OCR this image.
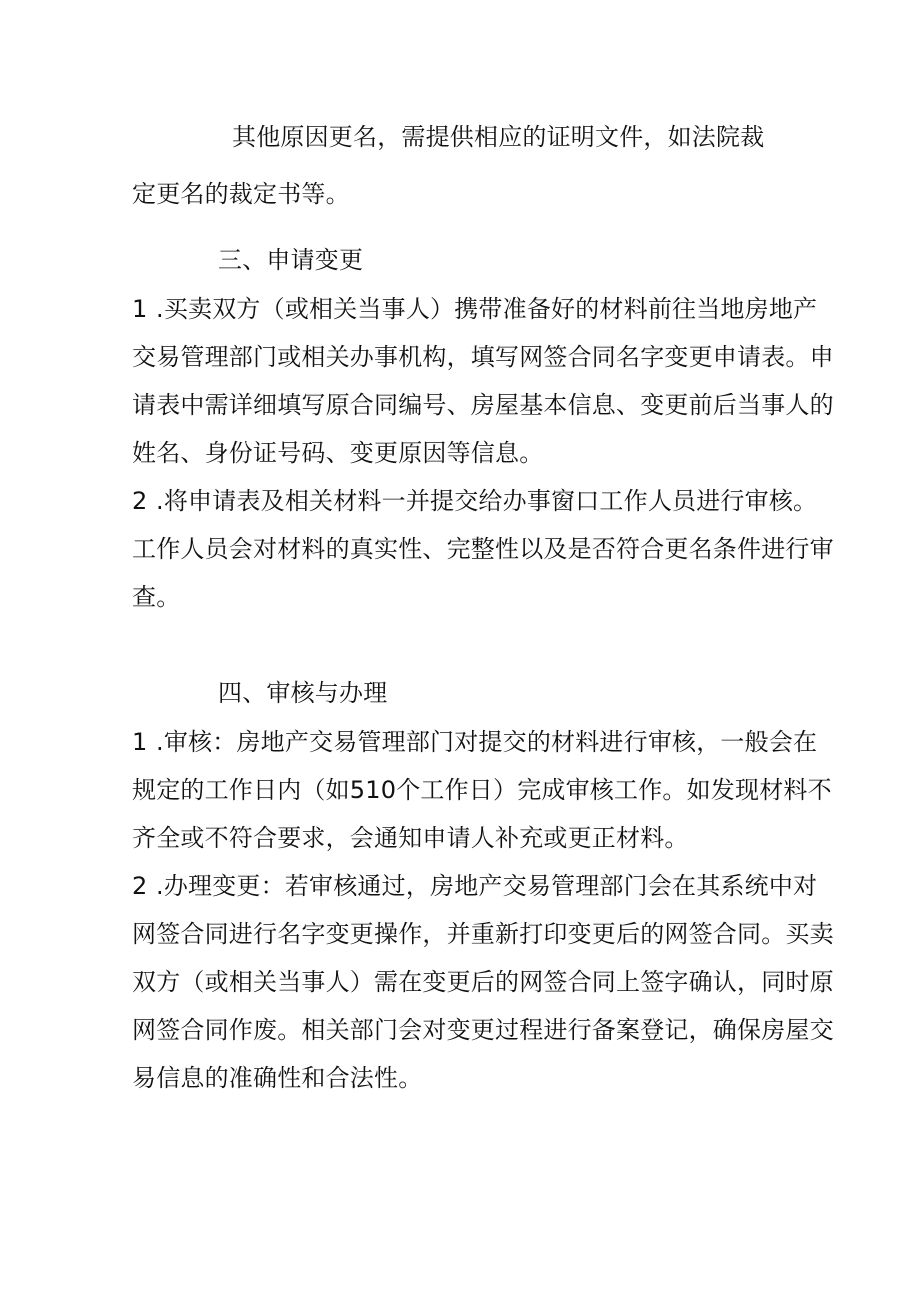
其他原因更名，需提供相应的证明文件，如法院裁
定更名的裁定书等。
三、申请变更
1 .买卖双方（或相关当事人）携带准备好的材料前往当地房地产
交易管理部门或相关办事机构，填写网签合同名字变更申请表。申
请表中需详细填写原合同编号、房屋基本信息、变更前后当事人的
姓名、身份证号码、变更原因等信息。
2 .将申请表及相关材料一并提交给办事窗口工作人员进行审核。
工作人员会对材料的真实性、完整性以及是否符合更名条件进行审
查。
四、审核与办理
1 .审核：房地产交易管理部门对提交的材料进行审核，一般会在
规定的工作日内（如510个工作日）完成审核工作。如发现材料不
齐全或不符合要求，会通知申请人补充或更正材料。
2 .办理变更：若审核通过，房地产交易管理部门会在其系统中对
网签合同进行名字变更操作，并重新打印变更后的网签合同。买卖
双方（或相关当事人）需在变更后的网签合同上签字确认，同时原
网签合同作废。相关部门会对变更过程进行备案登记，确保房屋交
易信息的准确性和合法性。
